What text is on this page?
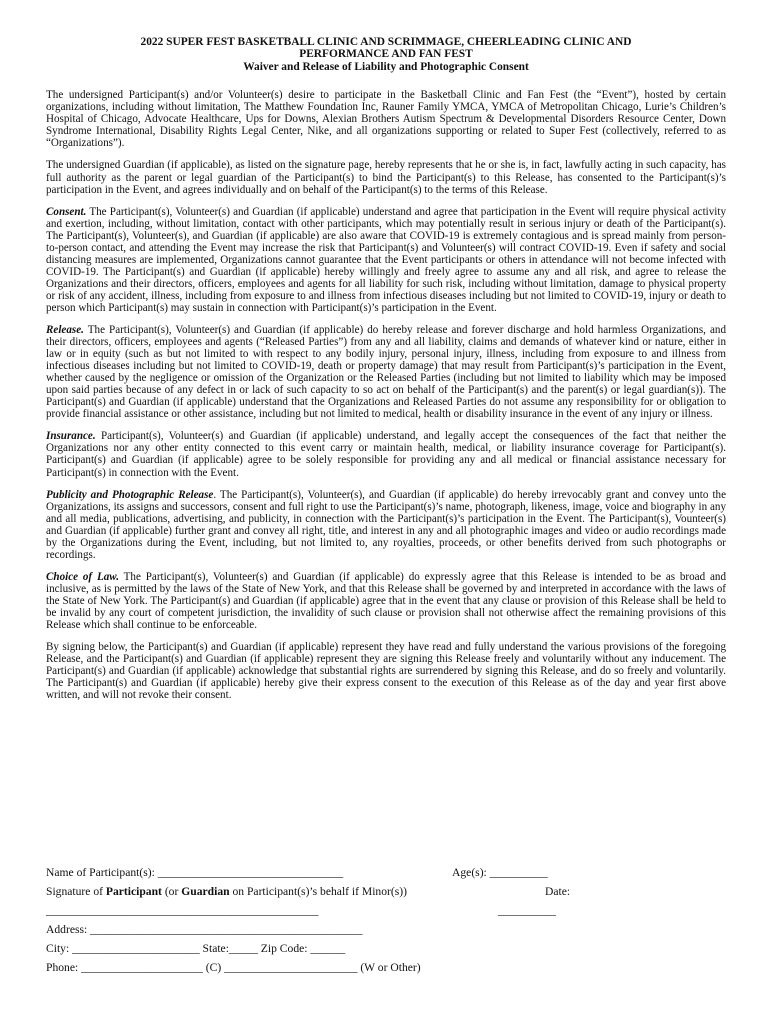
2022 SUPER FEST BASKETBALL CLINIC AND SCRIMMAGE, CHEERLEADING CLINIC AND
PERFORMANCE AND FAN FEST
Waiver and Release of Liability and Photographic Consent

The undersigned Participant(s) and/or Volunteer(s) desire to participate in the Basketball Clinic and Fan Fest (the “Event”), hosted by certain organizations, including without limitation, The Matthew Foundation Inc, Rauner Family YMCA, YMCA of Metropolitan Chicago, Lurie’s Children’s Hospital of Chicago, Advocate Healthcare, Ups for Downs, Alexian Brothers Autism Spectrum & Developmental Disorders Resource Center, Down Syndrome International, Disability Rights Legal Center, Nike, and all organizations supporting or related to Super Fest (collectively, referred to as “Organizations”).

The undersigned Guardian (if applicable), as listed on the signature page, hereby represents that he or she is, in fact, lawfully acting in such capacity, has full authority as the parent or legal guardian of the Participant(s) to bind the Participant(s) to this Release, has consented to the Participant(s)’s participation in the Event, and agrees individually and on behalf of the Participant(s) to the terms of this Release.

Consent. The Participant(s), Volunteer(s) and Guardian (if applicable) understand and agree that participation in the Event will require physical activity and exertion, including, without limitation, contact with other participants, which may potentially result in serious injury or death of the Participant(s). The Participant(s), Volunteer(s), and Guardian (if applicable) are also aware that COVID-19 is extremely contagious and is spread mainly from person-to-person contact, and attending the Event may increase the risk that Participant(s) and Volunteer(s) will contract COVID-19. Even if safety and social distancing measures are implemented, Organizations cannot guarantee that the Event participants or others in attendance will not become infected with COVID-19. The Participant(s) and Guardian (if applicable) hereby willingly and freely agree to assume any and all risk, and agree to release the Organizations and their directors, officers, employees and agents for all liability for such risk, including without limitation, damage to physical property or risk of any accident, illness, including from exposure to and illness from infectious diseases including but not limited to COVID-19, injury or death to person which Participant(s) may sustain in connection with Participant(s)’s participation in the Event.

Release. The Participant(s), Volunteer(s) and Guardian (if applicable) do hereby release and forever discharge and hold harmless Organizations, and their directors, officers, employees and agents (“Released Parties”) from any and all liability, claims and demands of whatever kind or nature, either in law or in equity (such as but not limited to with respect to any bodily injury, personal injury, illness, including from exposure to and illness from infectious diseases including but not limited to COVID-19, death or property damage) that may result from Participant(s)’s participation in the Event, whether caused by the negligence or omission of the Organization or the Released Parties (including but not limited to liability which may be imposed upon said parties because of any defect in or lack of such capacity to so act on behalf of the Participant(s) and the parent(s) or legal guardian(s)). The Participant(s) and Guardian (if applicable) understand that the Organizations and Released Parties do not assume any responsibility for or obligation to provide financial assistance or other assistance, including but not limited to medical, health or disability insurance in the event of any injury or illness.

Insurance. Participant(s), Volunteer(s) and Guardian (if applicable) understand, and legally accept the consequences of the fact that neither the Organizations nor any other entity connected to this event carry or maintain health, medical, or liability insurance coverage for Participant(s). Participant(s) and Guardian (if applicable) agree to be solely responsible for providing any and all medical or financial assistance necessary for Participant(s) in connection with the Event.

Publicity and Photographic Release. The Participant(s), Volunteer(s), and Guardian (if applicable) do hereby irrevocably grant and convey unto the Organizations, its assigns and successors, consent and full right to use the Participant(s)’s name, photograph, likeness, image, voice and biography in any and all media, publications, advertising, and publicity, in connection with the Participant(s)’s participation in the Event. The Participant(s), Vounteer(s) and Guardian (if applicable) further grant and convey all right, title, and interest in any and all photographic images and video or audio recordings made by the Organizations during the Event, including, but not limited to, any royalties, proceeds, or other benefits derived from such photographs or recordings.

Choice of Law. The Participant(s), Volunteer(s) and Guardian (if applicable) do expressly agree that this Release is intended to be as broad and inclusive, as is permitted by the laws of the State of New York, and that this Release shall be governed by and interpreted in accordance with the laws of the State of New York. The Participant(s) and Guardian (if applicable) agree that in the event that any clause or provision of this Release shall be held to be invalid by any court of competent jurisdiction, the invalidity of such clause or provision shall not otherwise affect the remaining provisions of this Release which shall continue to be enforceable.

By signing below, the Participant(s) and Guardian (if applicable) represent they have read and fully understand the various provisions of the foregoing Release, and the Participant(s) and Guardian (if applicable) represent they are signing this Release freely and voluntarily without any inducement. The Participant(s) and Guardian (if applicable) acknowledge that substantial rights are surrendered by signing this Release, and do so freely and voluntarily. The Participant(s) and Guardian (if applicable) hereby give their express consent to the execution of this Release as of the day and year first above written, and will not revoke their consent.

Name of Participant(s): ________________________________	Age(s): __________
Signature of Participant (or Guardian on Participant(s)’s behalf if Minor(s))	Date:
_______________________________________________	__________
Address: _______________________________________________
City: ______________________ State:_____ Zip Code: ______
Phone: _____________________ (C) _______________________ (W or Other)
